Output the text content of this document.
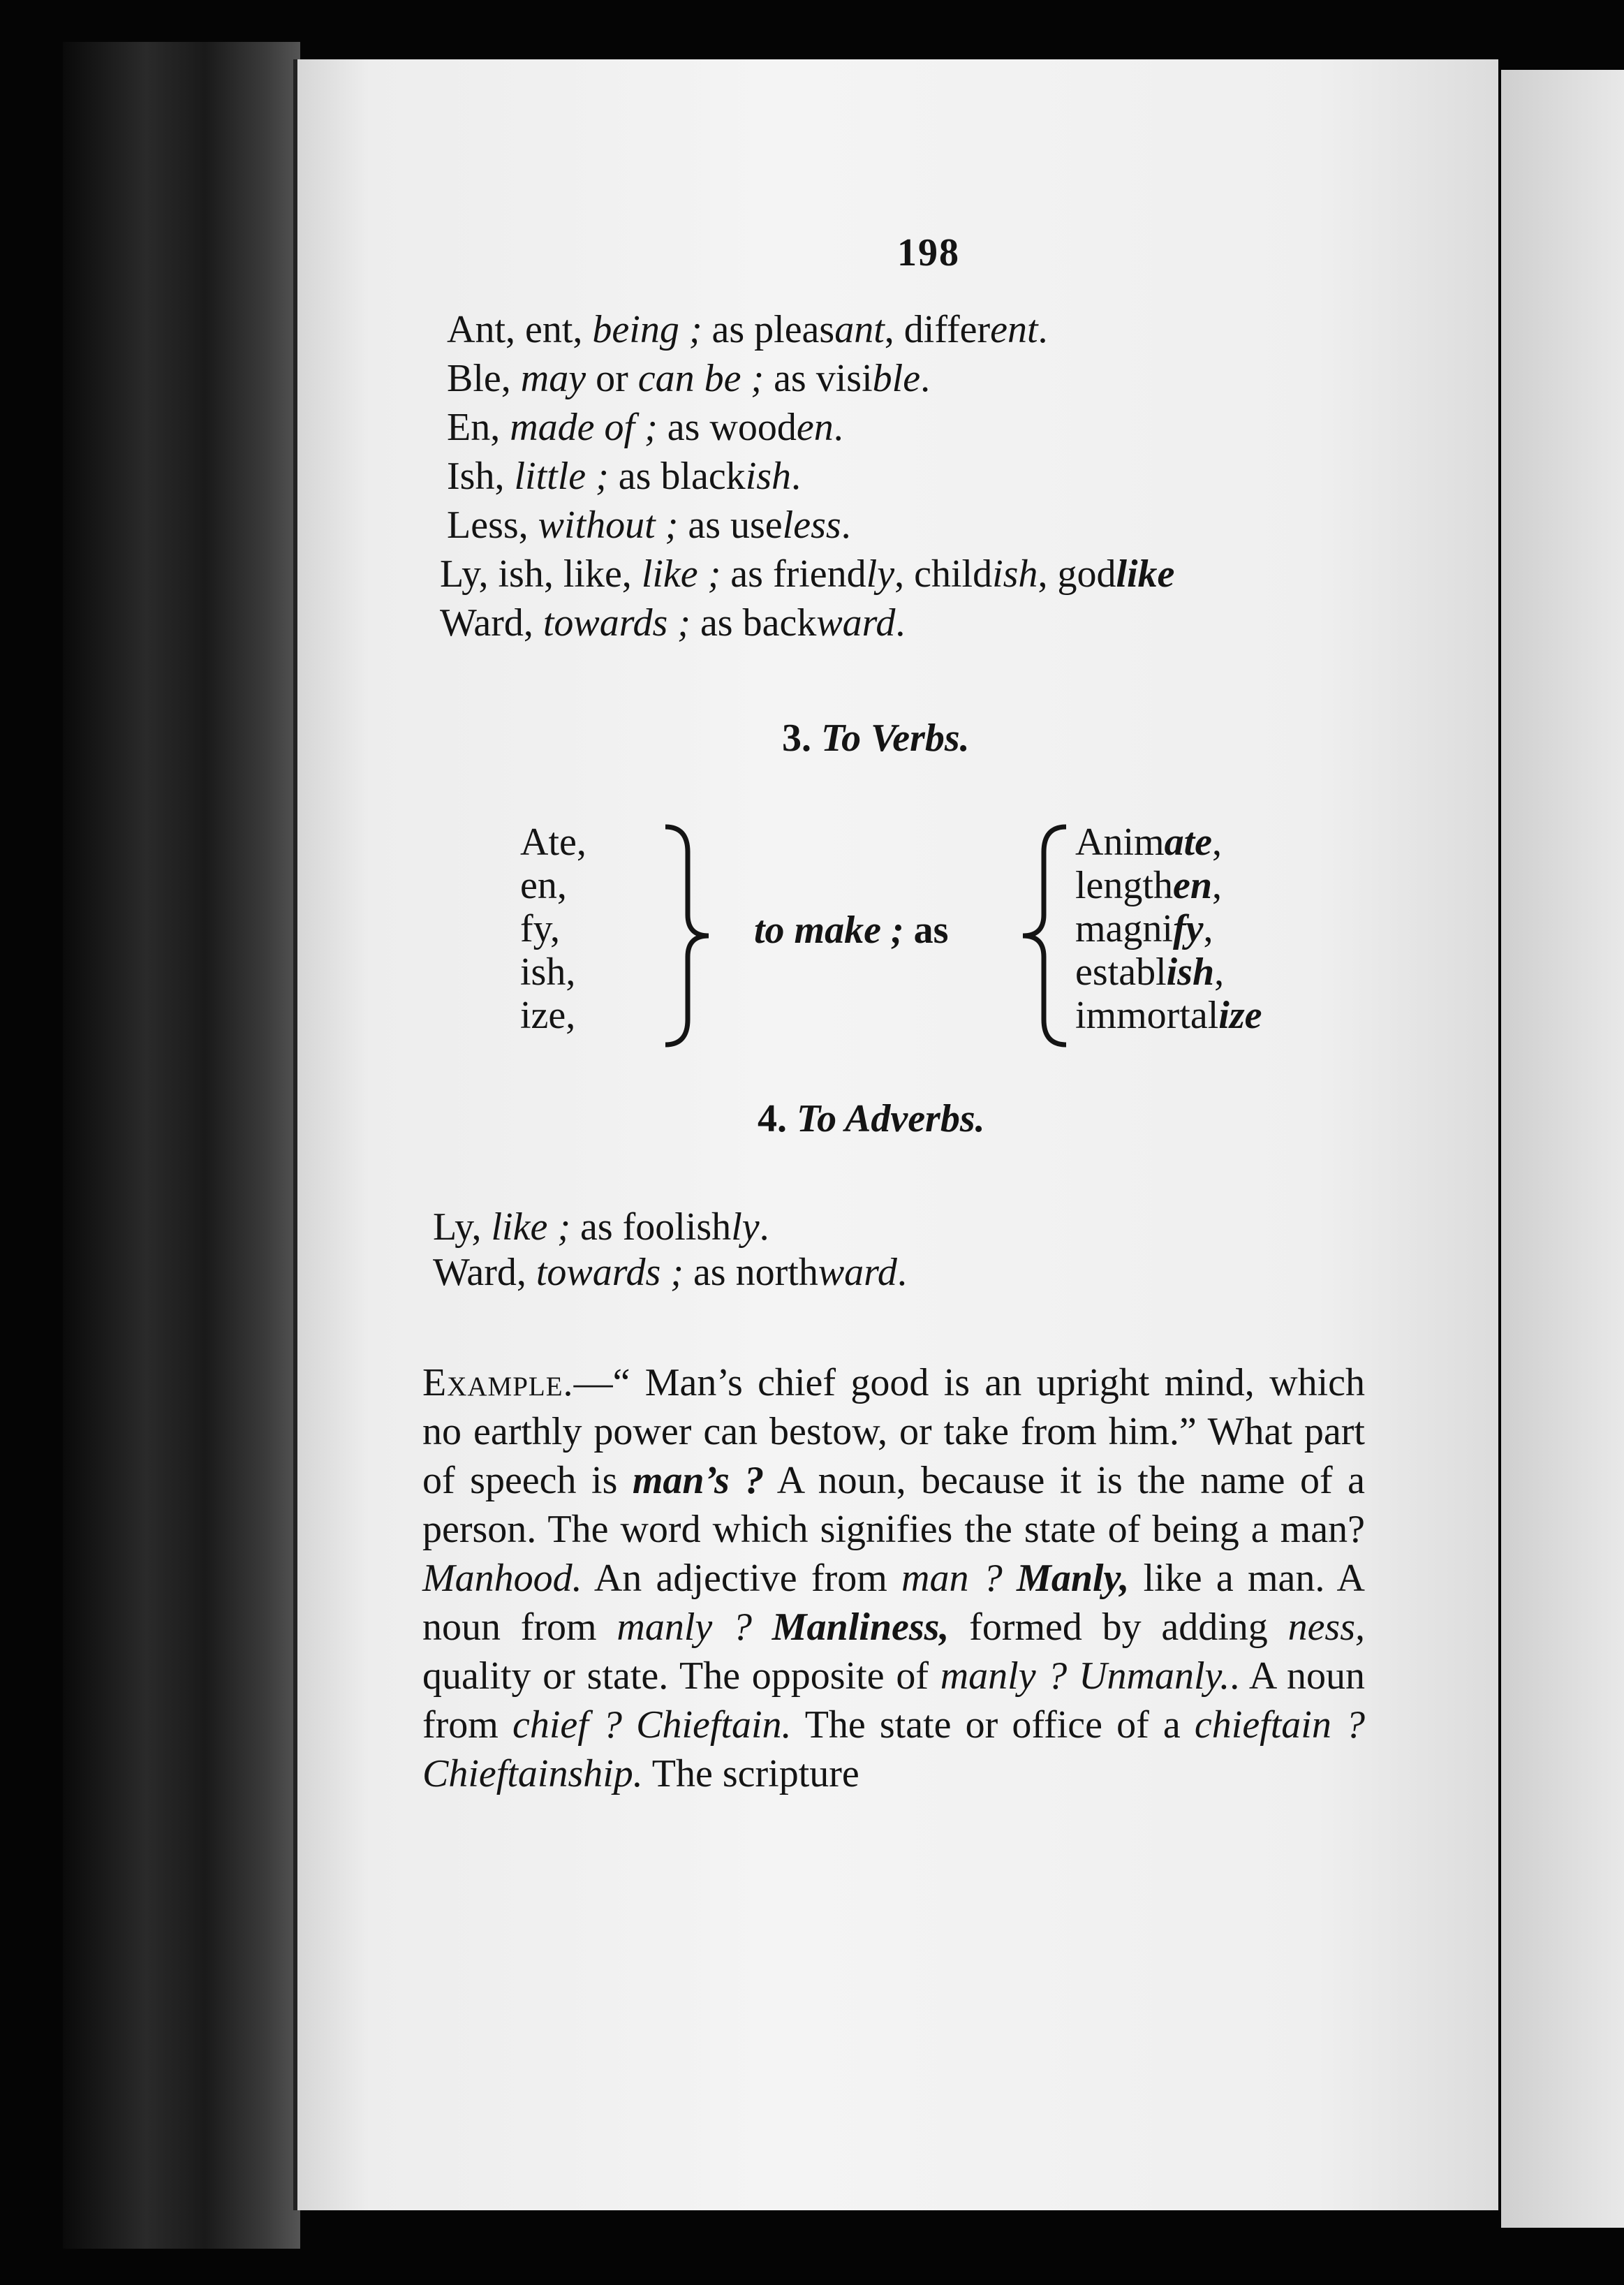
198
Ant, ent, being ; as pleasant, different.
Ble, may or can be ; as visible.
En, made of ; as wooden.
Ish, little ; as blackish.
Less, without ; as useless.
Ly, ish, like, like ; as friendly, childish, godlike
Ward, towards ; as backward.
3. To Verbs.
Ate,
en,
fy,
ish,
ize,
to make ; as
Animate,
lengthen,
magnify,
establish,
immortalize
4. To Adverbs.
Ly, like ; as foolishly.
Ward, towards ; as northward.

Example.—“ Man’s chief good is an upright mind, which no earthly power can bestow, or take from him.” What part of speech is man’s ? A noun, because it is the name of a person. The word which signifies the state of being a man? Manhood. An adjective from man ? Manly, like a man. A noun from manly ? Manliness, formed by adding ness, quality or state. The opposite of manly ? Unmanly.. A noun from chief ? Chieftain. The state or office of a chieftain ? Chieftainship. The scripture
